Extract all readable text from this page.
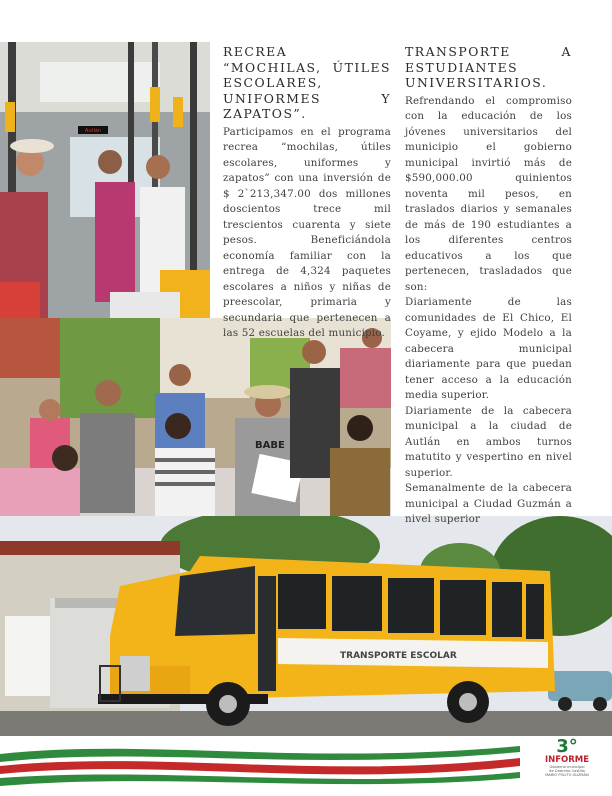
Autlán
BABE
TRANSPORTE ESCOLAR

RECREA “MOCHILAS, ÚTILES ESCOLARES, UNIFORMES Y ZAPATOS”.

Participamos en el programa recrea “mochilas, útiles escolares, uniformes y zapatos” con una inversión de $ 2`213,347.00 dos millones doscientos trece mil trescientos cuarenta y siete pesos. Beneficiándola economía familiar con la entrega de 4,324 paquetes escolares a niños y niñas de preescolar, primaria y secundaria que pertenecen a las 52 escuelas del municipio.

TRANSPORTE A ESTUDIANTES UNIVERSITARIOS.

Refrendando el compromiso con la educación de los jóvenes universitarios del municipio el gobierno municipal invirtió más de $590,000.00 quinientos noventa mil pesos, en traslados diarios y semanales de más de 190 estudiantes a los diferentes centros educativos a los que pertenecen, trasladados que son:

Diariamente de las comunidades de El Chico, El Coyame, y ejido Modelo a la cabecera municipal diariamente para que puedan tener acceso a la educación media superior.

Diariamente de la cabecera municipal a la ciudad de Autlán en ambos turnos matutito y vespertino en nivel superior.

Semanalmente de la cabecera municipal a Ciudad Guzmán a nivel superior

3°
INFORME
Gobierno municipal
de Casimiro Castillo
MARIO POLITO GUZMÁN
